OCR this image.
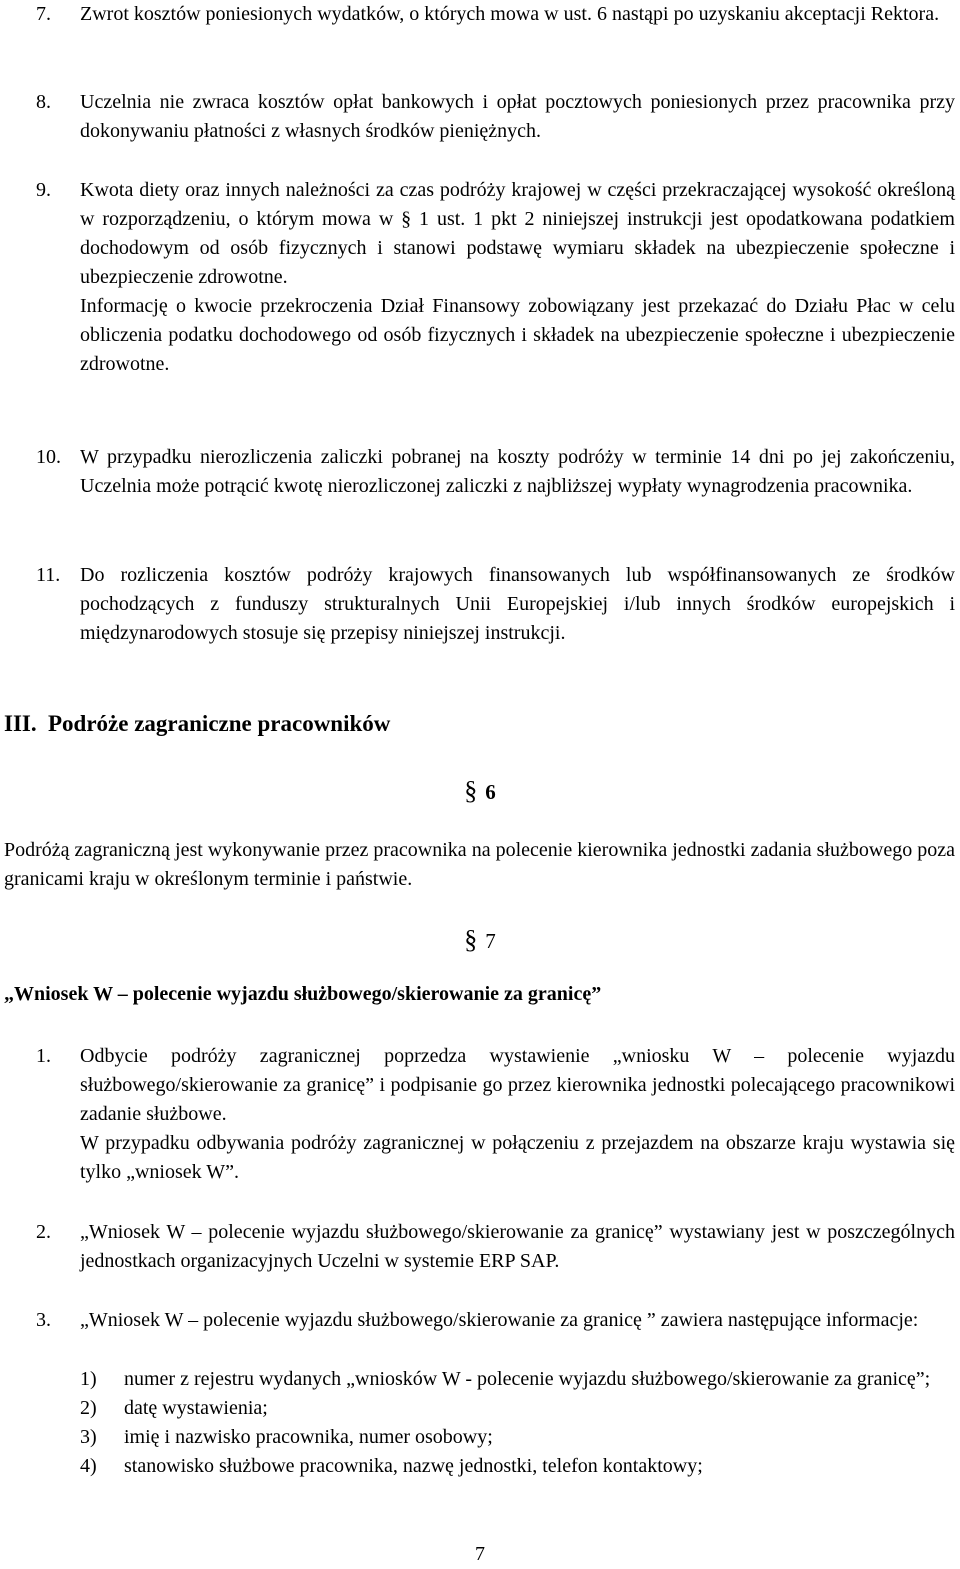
7. Zwrot kosztów poniesionych wydatków, o których mowa w ust. 6 nastąpi po uzyskaniu akceptacji Rektora.

8. Uczelnia nie zwraca kosztów opłat bankowych i opłat pocztowych poniesionych przez pracownika przy dokonywaniu płatności z własnych środków pieniężnych.

9. Kwota diety oraz innych należności za czas podróży krajowej w części przekraczającej wysokość określoną w rozporządzeniu, o którym mowa w § 1 ust. 1 pkt 2 niniejszej instrukcji jest opodatkowana podatkiem dochodowym od osób fizycznych i stanowi podstawę wymiaru składek na ubezpieczenie społeczne i ubezpieczenie zdrowotne.

Informację o kwocie przekroczenia Dział Finansowy zobowiązany jest przekazać do Działu Płac w celu obliczenia podatku dochodowego od osób fizycznych i składek na ubezpieczenie społeczne i ubezpieczenie zdrowotne.

10. W przypadku nierozliczenia zaliczki pobranej na koszty podróży w terminie 14 dni po jej zakończeniu, Uczelnia może potrącić kwotę nierozliczonej zaliczki z najbliższej wypłaty wynagrodzenia pracownika.

11. Do rozliczenia kosztów podróży krajowych finansowanych lub współfinansowanych ze środków pochodzących z funduszy strukturalnych Unii Europejskiej i/lub innych środków europejskich i międzynarodowych stosuje się przepisy niniejszej instrukcji.

III. Podróże zagraniczne pracowników
§ 6
Podróżą zagraniczną jest wykonywanie przez pracownika na polecenie kierownika jednostki zadania służbowego poza granicami kraju w określonym terminie i państwie.
§ 7
„Wniosek W – polecenie wyjazdu służbowego/skierowanie za granicę”
1. Odbycie podróży zagranicznej poprzedza wystawienie „wniosku W – polecenie wyjazdu służbowego/skierowanie za granicę” i podpisanie go przez kierownika jednostki polecającego pracownikowi zadanie służbowe.

W przypadku odbywania podróży zagranicznej w połączeniu z przejazdem na obszarze kraju wystawia się tylko „wniosek W”.

2. „Wniosek W – polecenie wyjazdu służbowego/skierowanie za granicę” wystawiany jest w poszczególnych jednostkach organizacyjnych Uczelni w systemie ERP SAP.

3. „Wniosek W – polecenie wyjazdu służbowego/skierowanie za granicę ” zawiera następujące informacje:

1) numer z rejestru wydanych „wniosków W - polecenie wyjazdu służbowego/skierowanie za granicę”;
2) datę wystawienia;
3) imię i nazwisko pracownika, numer osobowy;
4) stanowisko służbowe pracownika, nazwę jednostki, telefon kontaktowy;
7
